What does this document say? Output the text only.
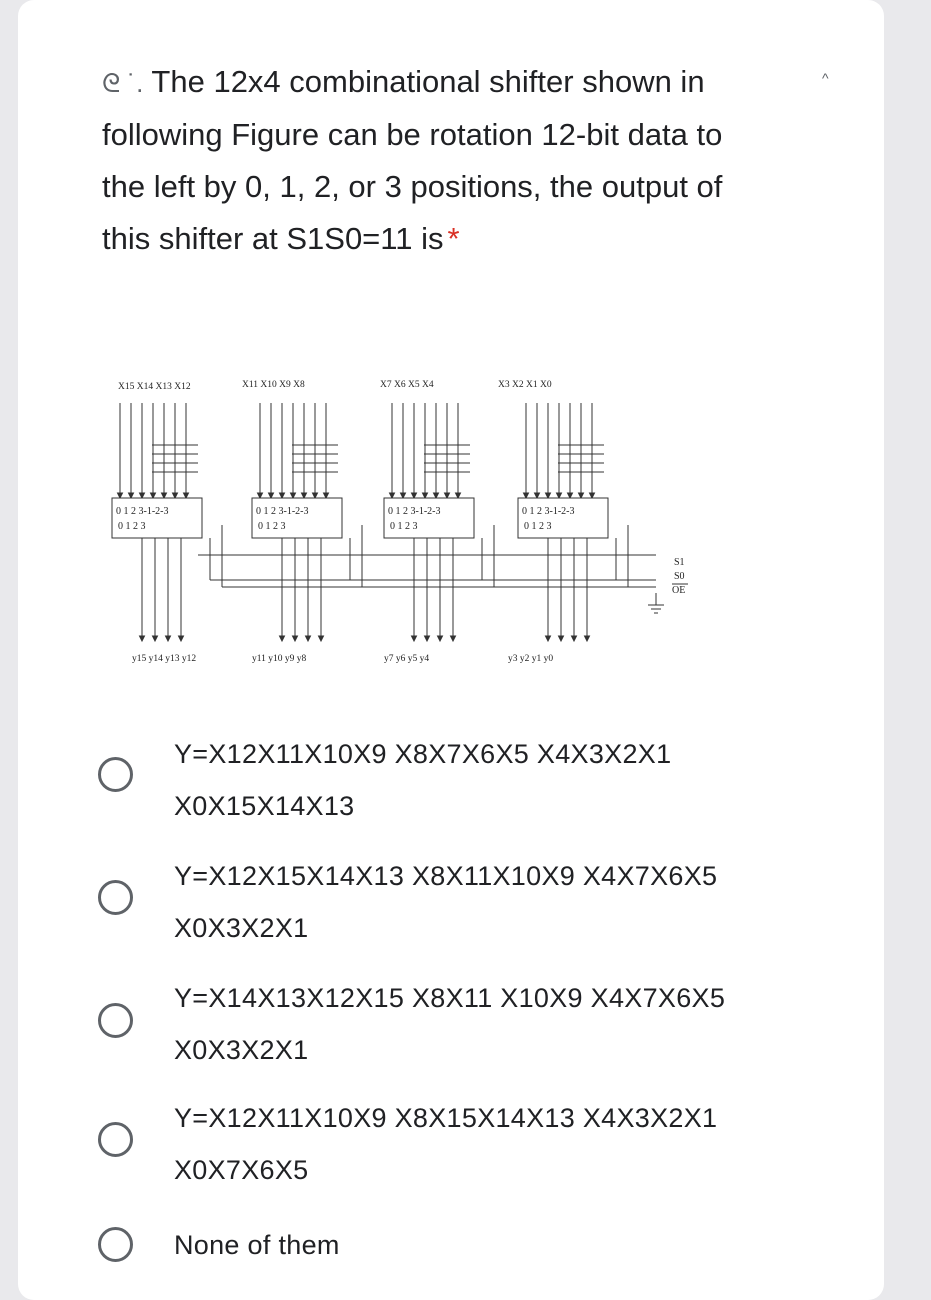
ᘓ ˙. The 12x4 combinational shifter shown in following Figure can be rotation 12-bit data to the left by 0, 1, 2, or 3 positions, the output of this shifter at S1S0=11 is *
^
X15 X14 X13 X12	X11 X10 X9 X8	X7 X6 X5 X4	X3 X2 X1 X0
0 1 2 3-1-2-3
0 1 2 3
0 1 2 3-1-2-3
0 1 2 3
0 1 2 3-1-2-3
0 1 2 3
0 1 2 3-1-2-3
0 1 2 3
S1
S0
OE
y15 y14 y13 y12	y11 y10 y9 y8	y7 y6 y5 y4	y3 y2 y1 y0
Y=X12X11X10X9 X8X7X6X5 X4X3X2X1
X0X15X14X13
Y=X12X15X14X13 X8X11X10X9 X4X7X6X5
X0X3X2X1
Y=X14X13X12X15 X8X11 X10X9 X4X7X6X5
X0X3X2X1
Y=X12X11X10X9 X8X15X14X13 X4X3X2X1
X0X7X6X5
None of them
